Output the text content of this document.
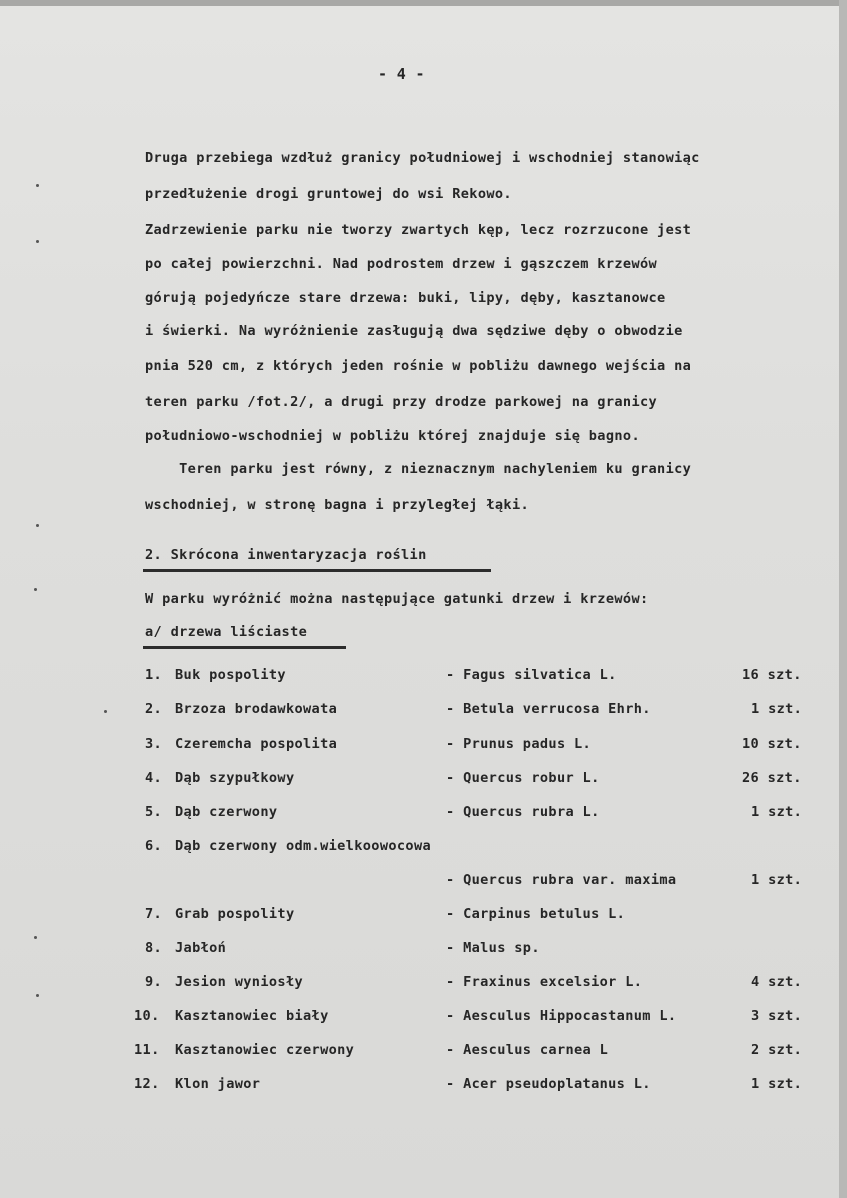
- 4 -
Druga przebiega wzdłuż granicy południowej i wschodniej stanowiąc
przedłużenie drogi gruntowej do wsi Rekowo.
Zadrzewienie parku nie tworzy zwartych kęp, lecz rozrzucone jest
po całej powierzchni. Nad podrostem drzew i gąszczem krzewów
górują pojedyńcze stare drzewa: buki, lipy, dęby, kasztanowce
i świerki. Na wyróżnienie zasługują dwa sędziwe dęby o obwodzie
pnia 520 cm, z których jeden rośnie w pobliżu dawnego wejścia na
teren parku /fot.2/, a drugi przy drodze parkowej na granicy
południowo-wschodniej w pobliżu której znajduje się bagno.
Teren parku jest równy, z nieznacznym nachyleniem ku granicy
wschodniej, w stronę bagna i przyległej łąki.
2. Skrócona inwentaryzacja roślin
W parku wyróżnić można następujące gatunki drzew i krzewów:
a/ drzewa liściaste
1. Buk pospolity	- Fagus silvatica L.	16 szt.
2. Brzoza brodawkowata	- Betula verrucosa Ehrh.	1 szt.
3. Czeremcha pospolita	- Prunus padus L.	10 szt.
4. Dąb szypułkowy	- Quercus robur L.	26 szt.
5. Dąb czerwony	- Quercus rubra L.	1 szt.
6. Dąb czerwony odm.wielkoowocowa
- Quercus rubra var. maxima	1 szt.
7. Grab pospolity	- Carpinus betulus L.
8. Jabłoń	- Malus sp.
9. Jesion wyniosły	- Fraxinus excelsior L.	4 szt.
10. Kasztanowiec biały	- Aesculus Hippocastanum L.	3 szt.
11. Kasztanowiec czerwony	- Aesculus carnea L	2 szt.
12. Klon jawor	- Acer pseudoplatanus L.	1 szt.
